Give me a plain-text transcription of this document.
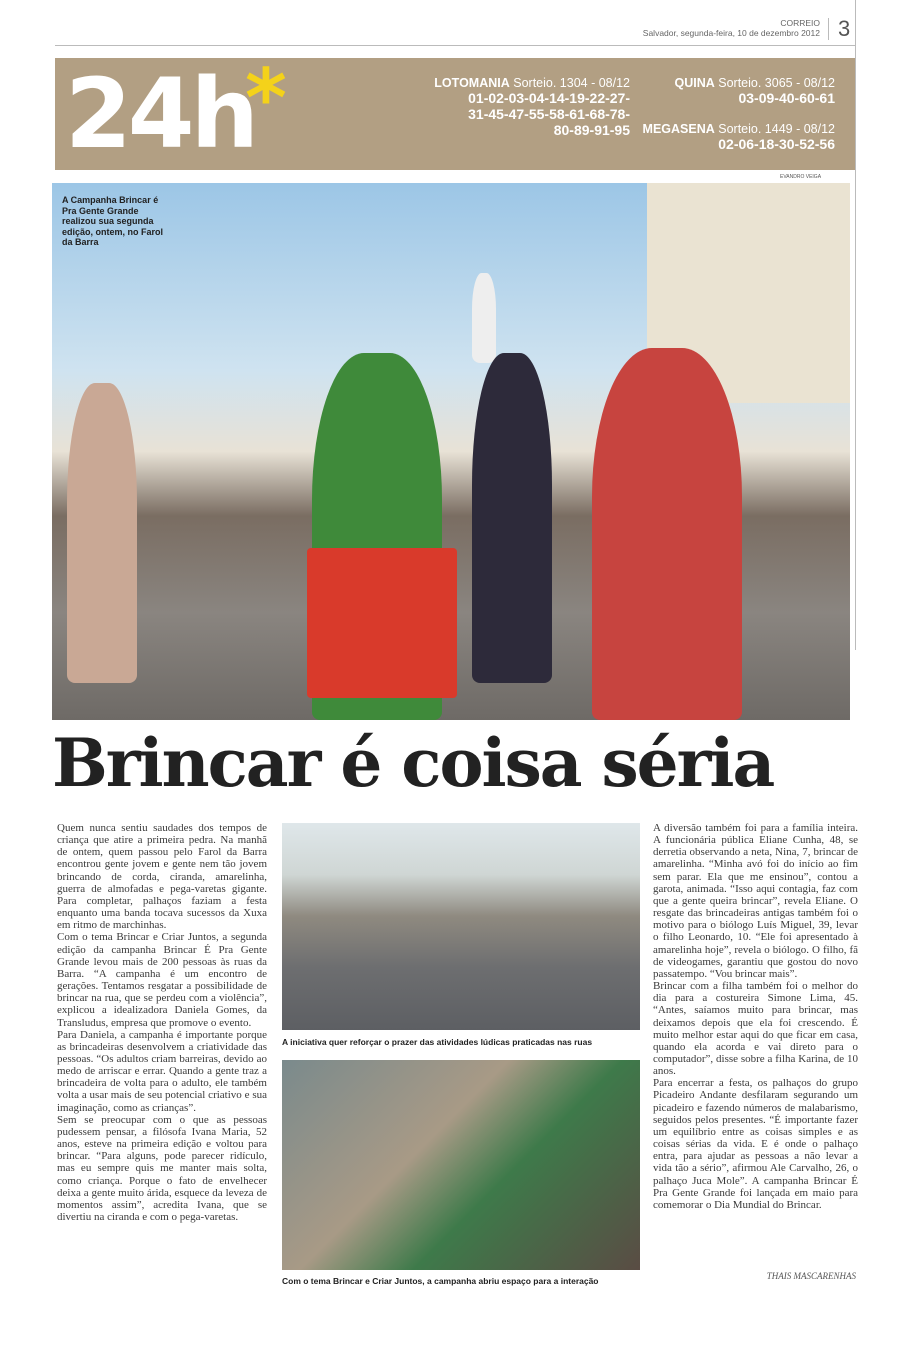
CORREIO
Salvador, segunda-feira, 10 de dezembro 2012 3
24h
*	LOTOMANIA Sorteio. 1304 - 08/12
01-02-03-04-14-19-22-27-
31-45-47-55-58-61-68-78-
80-89-91-95
QUINA Sorteio. 3065 - 08/12
03-09-40-60-61
MEGASENA Sorteio. 1449 - 08/12
02-06-18-30-52-56
EVANDRO VEIGA
A Campanha Brincar é Pra Gente Grande realizou sua segunda edição, ontem, no Farol da Barra
Brincar é coisa séria

Quem nunca sentiu saudades dos tempos de criança que atire a primeira pedra. Na manhã de ontem, quem passou pelo Farol da Barra encontrou gente jovem e gente nem tão jovem brincando de corda, ciranda, amarelinha, guerra de almofadas e pega-varetas gigante. Para completar, palhaços faziam a festa enquanto uma banda tocava sucessos da Xuxa em ritmo de marchinhas.

Com o tema Brincar e Criar Juntos, a segunda edição da campanha Brincar É Pra Gente Grande levou mais de 200 pessoas às ruas da Barra. “A campanha é um encontro de gerações. Tentamos resgatar a possibilidade de brincar na rua, que se perdeu com a violência”, explicou a idealizadora Daniela Gomes, da Transludus, empresa que promove o evento.

Para Daniela, a campanha é importante porque as brincadeiras desenvolvem a criatividade das pessoas. “Os adultos criam barreiras, devido ao medo de arriscar e errar. Quando a gente traz a brincadeira de volta para o adulto, ele também volta a usar mais de seu potencial criativo e sua imaginação, como as crianças”.

Sem se preocupar com o que as pessoas pudessem pensar, a filósofa Ivana Maria, 52 anos, esteve na primeira edição e voltou para brincar. “Para alguns, pode parecer ridículo, mas eu sempre quis me manter mais solta, como criança. Porque o fato de envelhecer deixa a gente muito árida, esquece da leveza de momentos assim”, acredita Ivana, que se divertiu na ciranda e com o pega-varetas.

A iniciativa quer reforçar o prazer das atividades lúdicas praticadas nas ruas
Com o tema Brincar e Criar Juntos, a campanha abriu espaço para a interação

A diversão também foi para a família inteira. A funcionária pública Eliane Cunha, 48, se derretia observando a neta, Nina, 7, brincar de amarelinha. “Minha avó foi do início ao fim sem parar. Ela que me ensinou”, contou a garota, animada. “Isso aqui contagia, faz com que a gente queira brincar”, revela Eliane. O resgate das brincadeiras antigas também foi o motivo para o biólogo Luís Miguel, 39, levar o filho Leonardo, 10. “Ele foi apresentado à amarelinha hoje”, revela o biólogo. O filho, fã de videogames, garantiu que gostou do novo passatempo. “Vou brincar mais”.

Brincar com a filha também foi o melhor do dia para a costureira Simone Lima, 45. “Antes, saíamos muito para brincar, mas deixamos depois que ela foi crescendo. É muito melhor estar aqui do que ficar em casa, quando ela acorda e vai direto para o computador”, disse sobre a filha Karina, de 10 anos.

Para encerrar a festa, os palhaços do grupo Picadeiro Andante desfilaram segurando um picadeiro e fazendo números de malabarismo, seguidos pelos presentes. “É importante fazer um equilíbrio entre as coisas simples e as coisas sérias da vida. E é onde o palhaço entra, para ajudar as pessoas a não levar a vida tão a sério”, afirmou Ale Carvalho, 26, o palhaço Juca Mole”. A campanha Brincar É Pra Gente Grande foi lançada em maio para comemorar o Dia Mundial do Brincar.

THAIS MASCARENHAS
